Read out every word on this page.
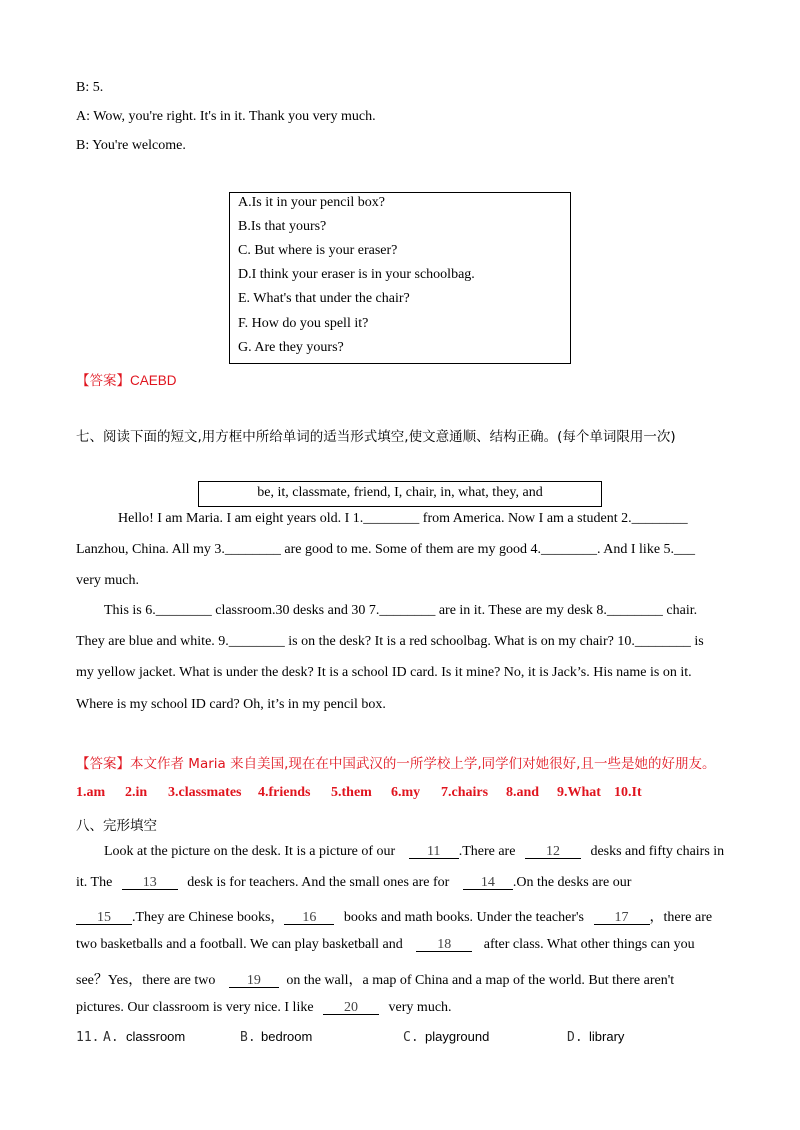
B: 5.
A: Wow, you're right. It's in it. Thank you very much.
B: You're welcome.
A.Is it in your pencil box?
B.Is that yours?
C. But where is your eraser?
D.I think your eraser is in your schoolbag.
E. What's that under the chair?
F. How do you spell it?
G. Are they yours?
【答案】CAEBD
七、阅读下面的短文,用方框中所给单词的适当形式填空,使文意通顺、结构正确。(每个单词限用一次)
be, it, classmate, friend, I, chair, in, what, they, and
Hello! I am Maria. I am eight years old. I 1.________ from America. Now I am a student 2.________
Lanzhou, China. All my 3.________ are good to me. Some of them are my good 4.________. And I like 5.___
very much.
This is 6.________ classroom.30 desks and 30 7.________ are in it. These are my desk 8.________ chair.
They are blue and white. 9.________ is on the desk? It is a red schoolbag. What is on my chair? 10.________ is
my yellow jacket. What is under the desk? It is a school ID card. Is it mine? No, it is Jack’s. His name is on it.
Where is my school ID card? Oh, it’s in my pencil box.
【答案】本文作者 Maria 来自美国,现在在中国武汉的一所学校上学,同学们对她很好,且一些是她的好朋友。
1.am 2.in 3.classmates 4.friends 5.them 6.my 7.chairs 8.and 9.What 10.It
八、完形填空
Look at the picture on the desk. It is a picture of our 11 .There are 12 desks and fifty chairs in
it. The 13 desk is for teachers. And the small ones are for 14 .On the desks are our
15 .They are Chinese books， 16 books and math books. Under the teacher's 17 ，there are
two basketballs and a football. We can play basketball and 18 after class. What other things can you
see？Yes，there are two 19 on the wall，a map of China and a map of the world. But there aren't
pictures. Our classroom is very nice. I like 20 very much.
11. A. classroom	B. bedroom	C. playground	D. library
